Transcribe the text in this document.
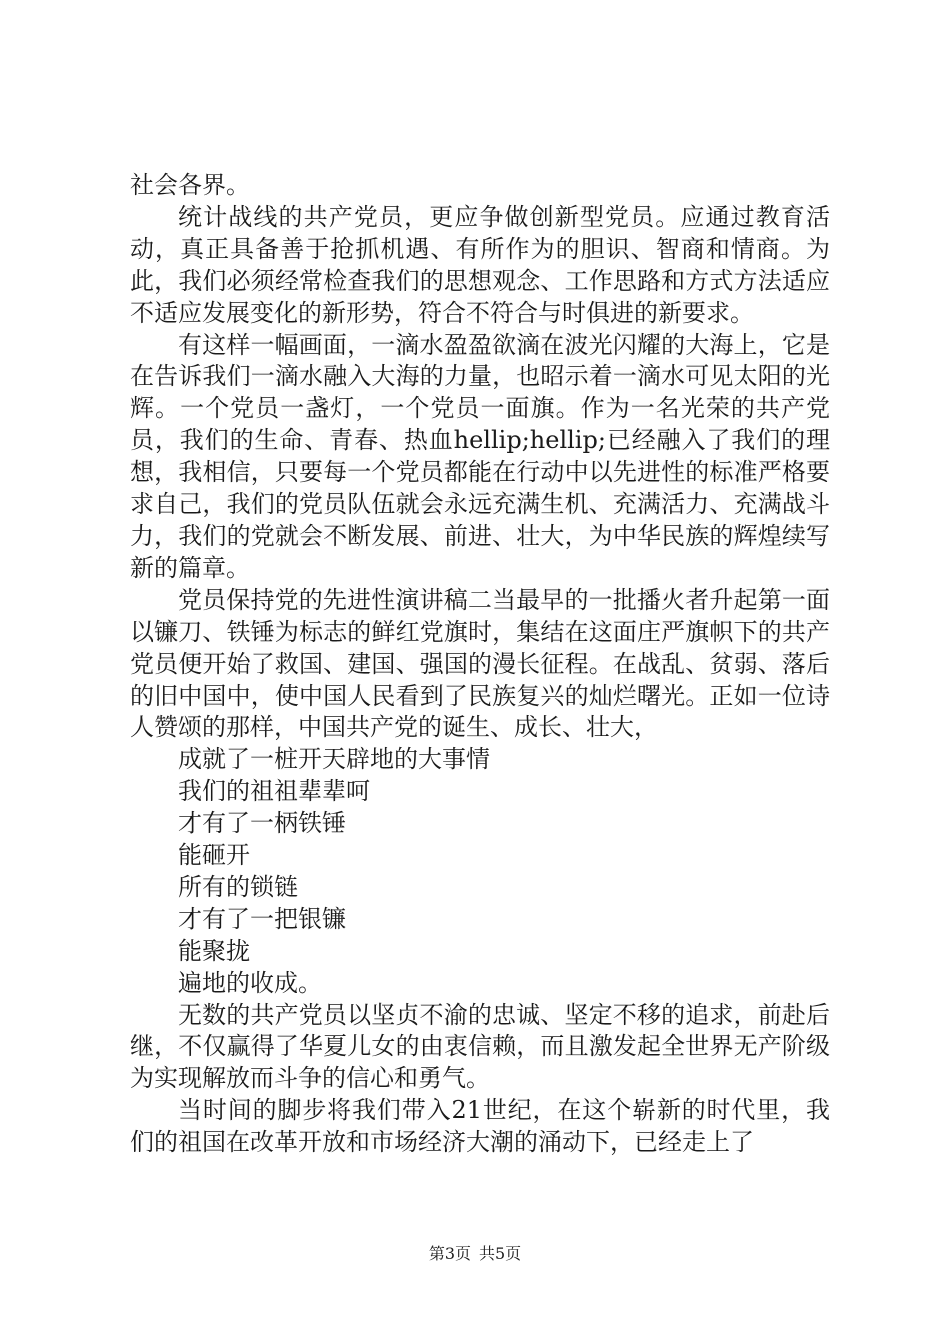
社会各界。

统计战线的共产党员，更应争做创新型党员。应通过教育活动，真正具备善于抢抓机遇、有所作为的胆识、智商和情商。为此，我们必须经常检查我们的思想观念、工作思路和方式方法适应不适应发展变化的新形势，符合不符合与时俱进的新要求。

有这样一幅画面，一滴水盈盈欲滴在波光闪耀的大海上，它是在告诉我们一滴水融入大海的力量，也昭示着一滴水可见太阳的光辉。一个党员一盏灯，一个党员一面旗。作为一名光荣的共产党员，我们的生命、青春、热血hellip;hellip;已经融入了我们的理想，我相信，只要每一个党员都能在行动中以先进性的标准严格要求自己，我们的党员队伍就会永远充满生机、充满活力、充满战斗力，我们的党就会不断发展、前进、壮大，为中华民族的辉煌续写新的篇章。

党员保持党的先进性演讲稿二当最早的一批播火者升起第一面以镰刀、铁锤为标志的鲜红党旗时，集结在这面庄严旗帜下的共产党员便开始了救国、建国、强国的漫长征程。在战乱、贫弱、落后的旧中国中，使中国人民看到了民族复兴的灿烂曙光。正如一位诗人赞颂的那样，中国共产党的诞生、成长、壮大，

成就了一桩开天辟地的大事情

我们的祖祖辈辈呵

才有了一柄铁锤

能砸开

所有的锁链

才有了一把银镰

能聚拢

遍地的收成。

无数的共产党员以坚贞不渝的忠诚、坚定不移的追求，前赴后继，不仅赢得了华夏儿女的由衷信赖，而且激发起全世界无产阶级为实现解放而斗争的信心和勇气。

当时间的脚步将我们带入21世纪，在这个崭新的时代里，我们的祖国在改革开放和市场经济大潮的涌动下，已经走上了

第3页 共5页
